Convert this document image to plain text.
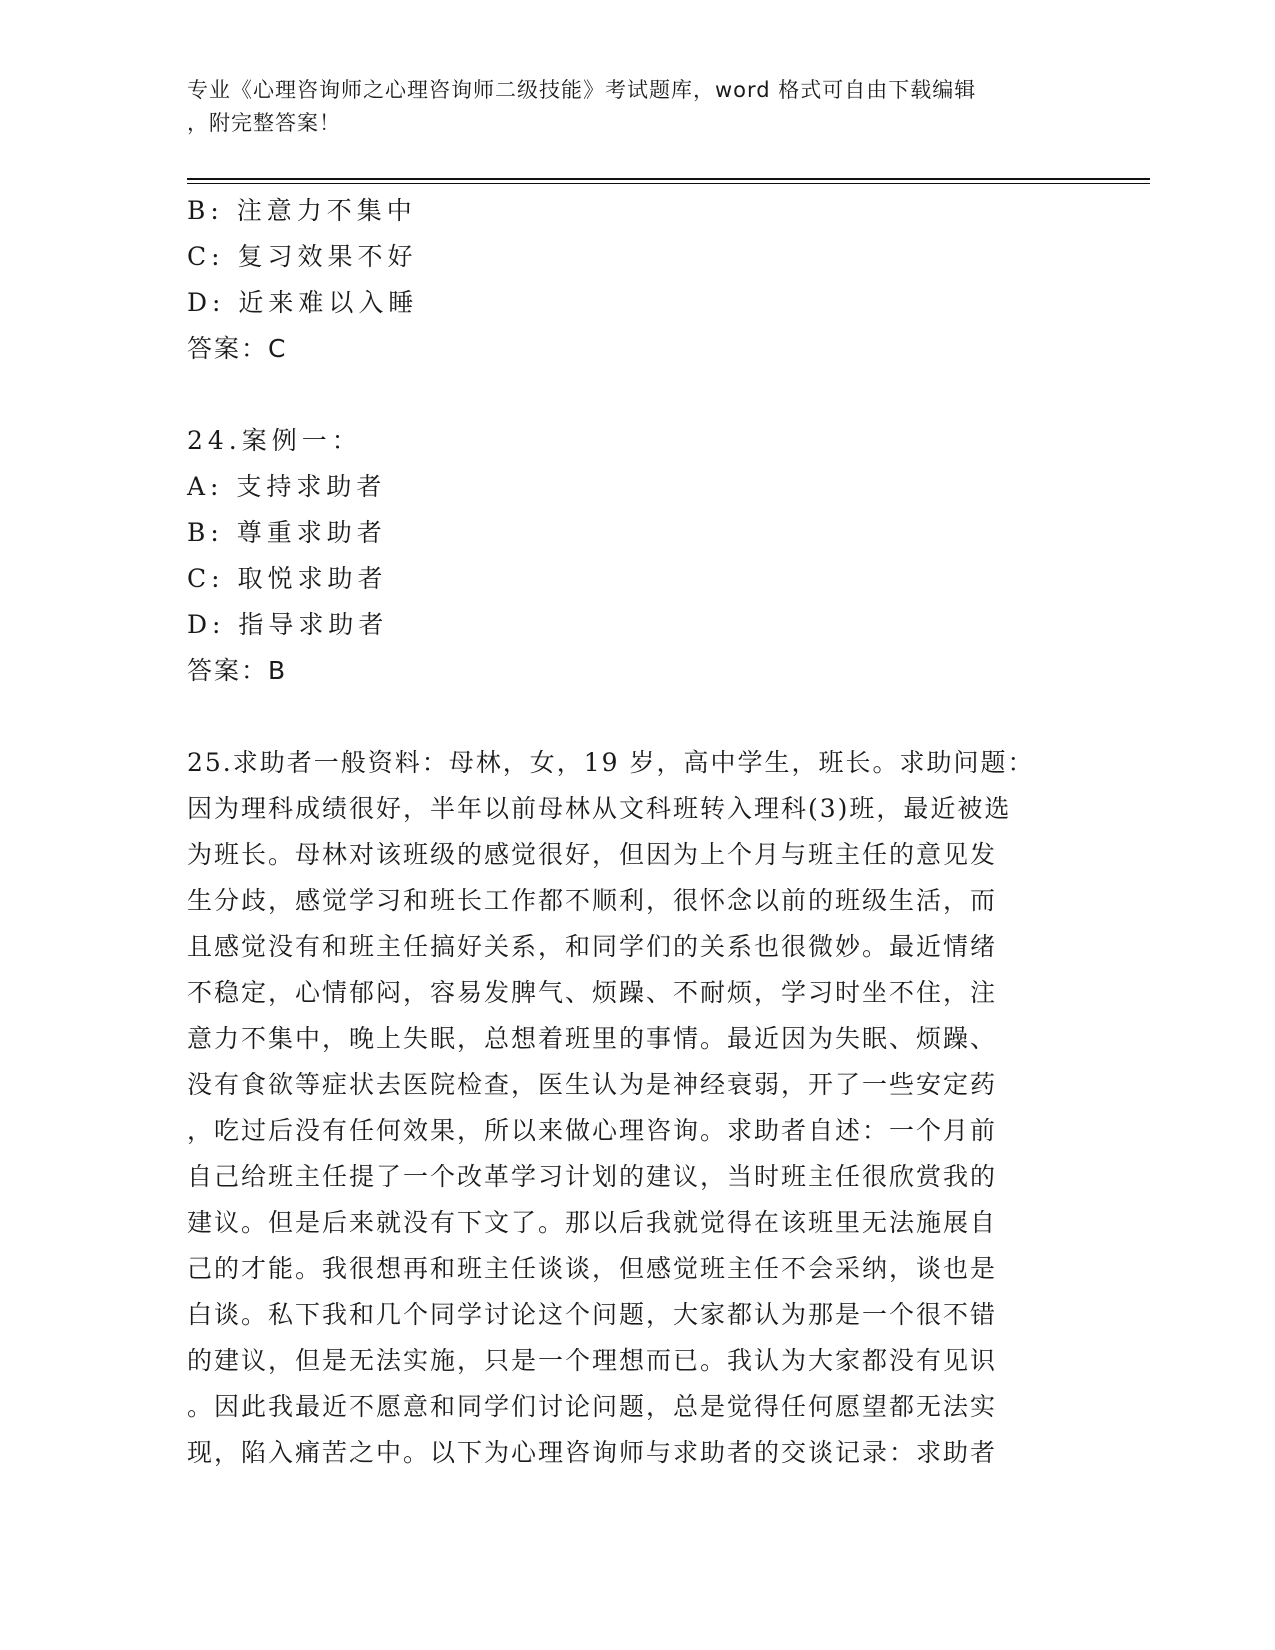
专业《心理咨询师之心理咨询师二级技能》考试题库，word 格式可自由下载编辑
，附完整答案！
B: 注意力不集中
C: 复习效果不好
D: 近来难以入睡
答案：C
24.案例一：
A: 支持求助者
B: 尊重求助者
C: 取悦求助者
D: 指导求助者
答案：B
25.求助者一般资料：母林，女，19 岁，高中学生，班长。求助问题：
因为理科成绩很好，半年以前母林从文科班转入理科(3)班，最近被选
为班长。母林对该班级的感觉很好，但因为上个月与班主任的意见发
生分歧，感觉学习和班长工作都不顺利，很怀念以前的班级生活，而
且感觉没有和班主任搞好关系，和同学们的关系也很微妙。最近情绪
不稳定，心情郁闷，容易发脾气、烦躁、不耐烦，学习时坐不住，注
意力不集中，晚上失眠，总想着班里的事情。最近因为失眠、烦躁、
没有食欲等症状去医院检查，医生认为是神经衰弱，开了一些安定药
，吃过后没有任何效果，所以来做心理咨询。求助者自述：一个月前
自己给班主任提了一个改革学习计划的建议，当时班主任很欣赏我的
建议。但是后来就没有下文了。那以后我就觉得在该班里无法施展自
己的才能。我很想再和班主任谈谈，但感觉班主任不会采纳，谈也是
白谈。私下我和几个同学讨论这个问题，大家都认为那是一个很不错
的建议，但是无法实施，只是一个理想而已。我认为大家都没有见识
。因此我最近不愿意和同学们讨论问题，总是觉得任何愿望都无法实
现，陷入痛苦之中。以下为心理咨询师与求助者的交谈记录：求助者
